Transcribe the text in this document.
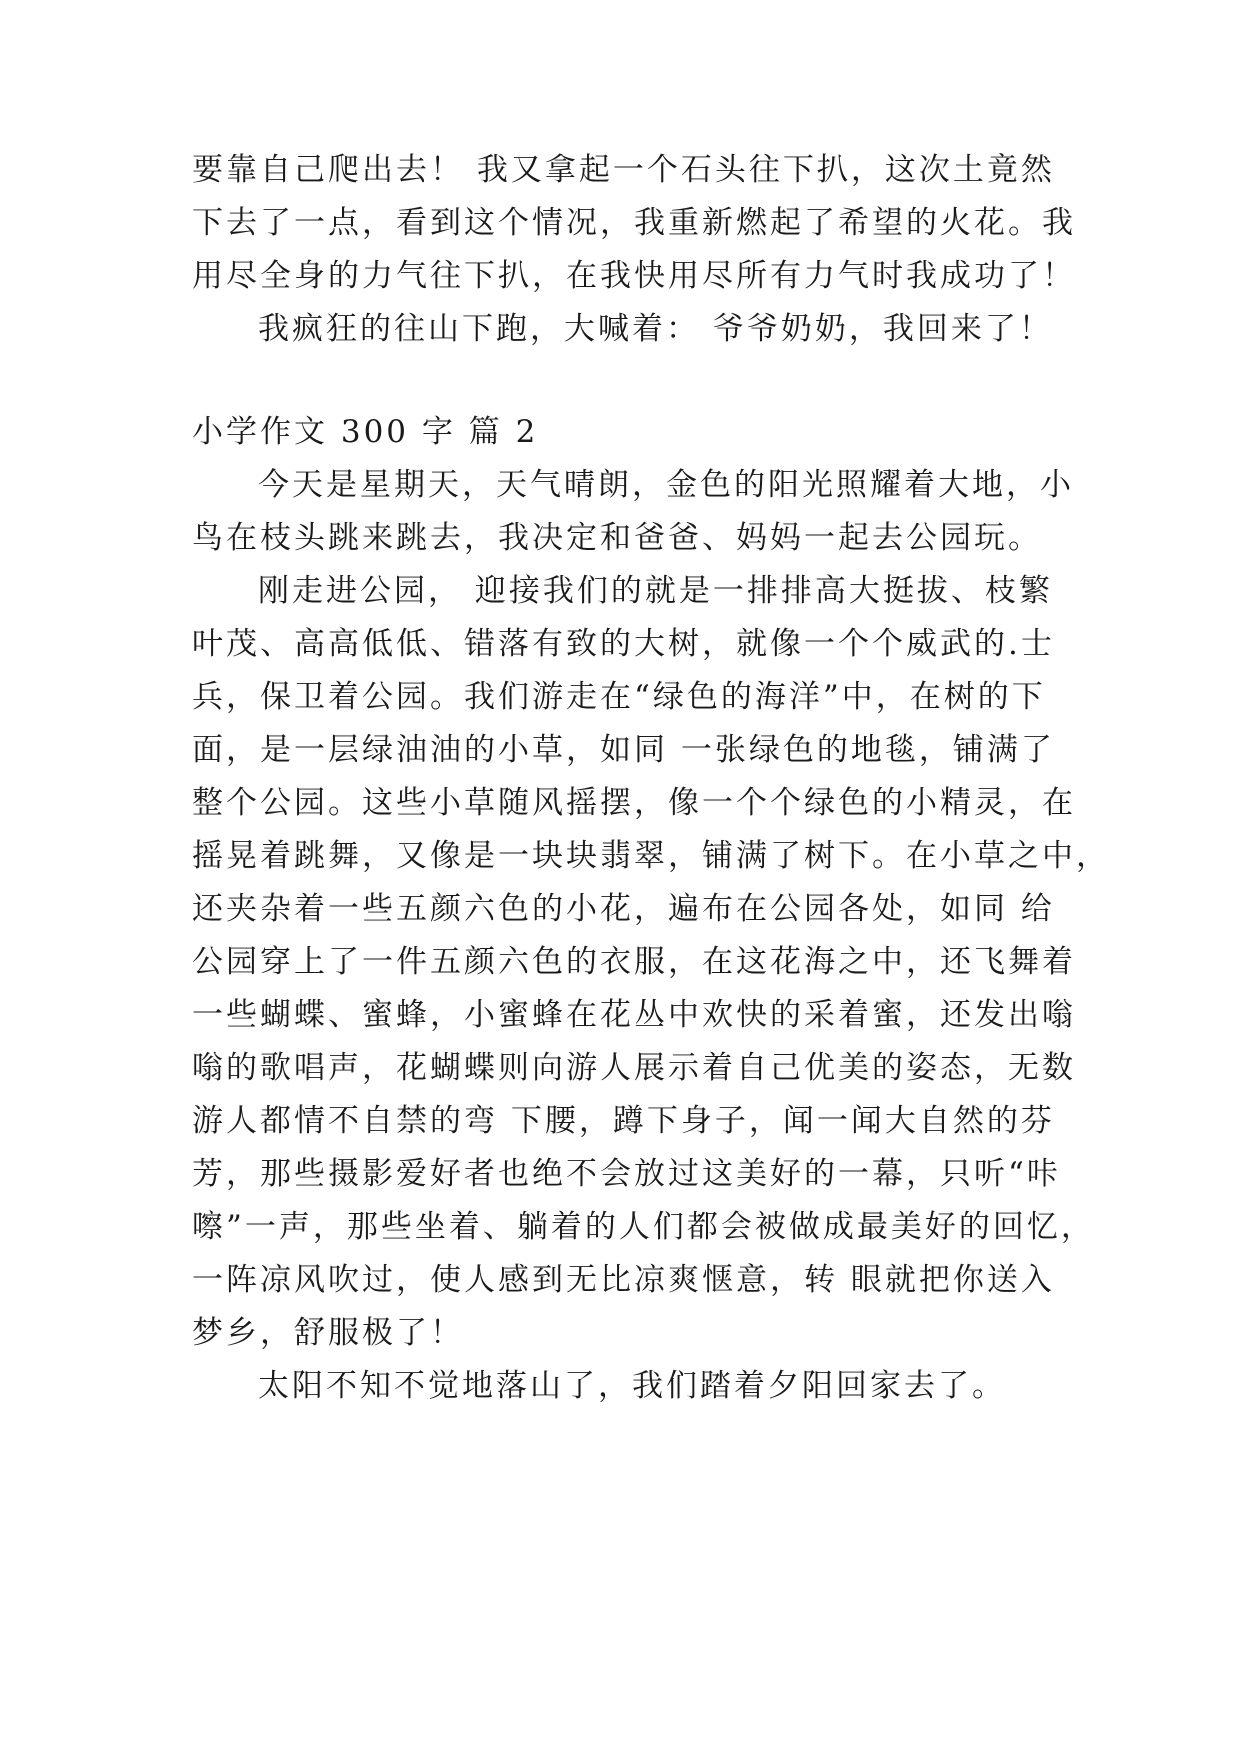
要靠自己爬出去！ 我又拿起一个石头往下扒，这次土竟然
下去了一点，看到这个情况，我重新燃起了希望的火花。我
用尽全身的力气往下扒，在我快用尽所有力气时我成功了！
我疯狂的往山下跑，大喊着： 爷爷奶奶，我回来了！
小学作文 300 字 篇 2
今天是星期天，天气晴朗，金色的阳光照耀着大地，小
鸟在枝头跳来跳去，我决定和爸爸、妈妈一起去公园玩。
刚走进公园， 迎接我们的就是一排排高大挺拔、枝繁
叶茂、高高低低、错落有致的大树，就像一个个威武的.士
兵，保卫着公园。我们游走在“绿色的海洋”中，在树的下
面，是一层绿油油的小草，如同 一张绿色的地毯，铺满了
整个公园。这些小草随风摇摆，像一个个绿色的小精灵，在
摇晃着跳舞，又像是一块块翡翠，铺满了树下。在小草之中，
还夹杂着一些五颜六色的小花，遍布在公园各处，如同 给
公园穿上了一件五颜六色的衣服，在这花海之中，还飞舞着
一些蝴蝶、蜜蜂，小蜜蜂在花丛中欢快的采着蜜，还发出嗡
嗡的歌唱声，花蝴蝶则向游人展示着自己优美的姿态，无数
游人都情不自禁的弯 下腰，蹲下身子，闻一闻大自然的芬
芳，那些摄影爱好者也绝不会放过这美好的一幕，只听“咔
嚓”一声，那些坐着、躺着的人们都会被做成最美好的回忆，
一阵凉风吹过，使人感到无比凉爽惬意，转 眼就把你送入
梦乡，舒服极了！
太阳不知不觉地落山了，我们踏着夕阳回家去了。
